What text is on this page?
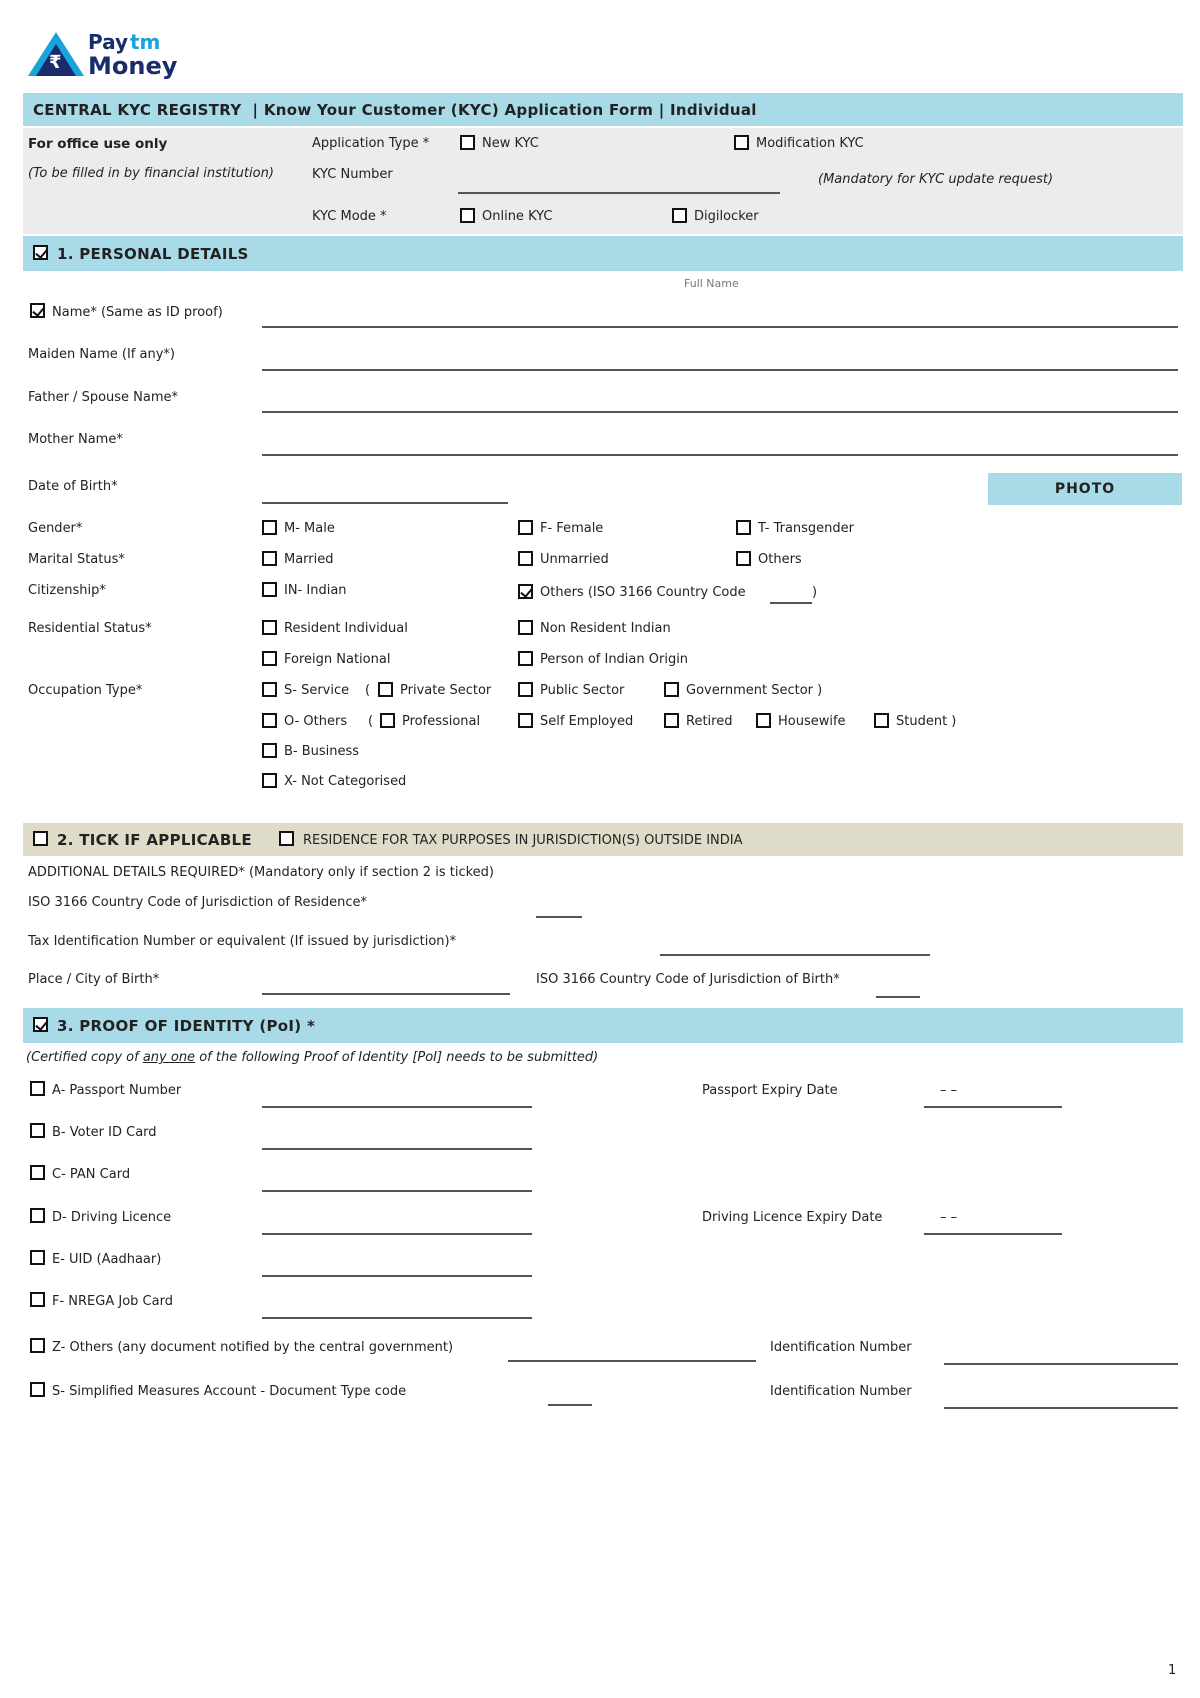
₹
Pay tm
Money
CENTRAL KYC REGISTRY  | Know Your Customer (KYC) Application Form | Individual
For office use only
(To be filled in by financial institution)
Application Type *	New KYC	Modification KYC
KYC Number	(Mandatory for KYC update request)
KYC Mode *	Online KYC	Digilocker
1. PERSONAL DETAILS
Full Name
Name* (Same as ID proof)
Maiden Name (If any*)
Father / Spouse Name*
Mother Name*
Date of Birth*	PHOTO
Gender*	M- Male	F- Female	T- Transgender
Marital Status*	Married	Unmarried	Others
Citizenship*	IN- Indian	Others (ISO 3166 Country Code	)
Residential Status*	Resident Individual	Non Resident Indian
Foreign National	Person of Indian Origin
Occupation Type*	S- Service ( Private Sector	Public Sector	Government Sector )
O- Others ( Professional	Self Employed	Retired	Housewife	Student )
B- Business
X- Not Categorised
2. TICK IF APPLICABLE	RESIDENCE FOR TAX PURPOSES IN JURISDICTION(S) OUTSIDE INDIA
ADDITIONAL DETAILS REQUIRED* (Mandatory only if section 2 is ticked)
ISO 3166 Country Code of Jurisdiction of Residence*
Tax Identification Number or equivalent (If issued by jurisdiction)*
Place / City of Birth*	ISO 3166 Country Code of Jurisdiction of Birth*
3. PROOF OF IDENTITY (PoI) *
(Certified copy of any one of the following Proof of Identity [PoI] needs to be submitted)
A- Passport Number	Passport Expiry Date	– –
B- Voter ID Card
C- PAN Card
D- Driving Licence	Driving Licence Expiry Date	– –
E- UID (Aadhaar)
F- NREGA Job Card
Z- Others (any document notified by the central government)	Identification Number
S- Simplified Measures Account - Document Type code	Identification Number
1
